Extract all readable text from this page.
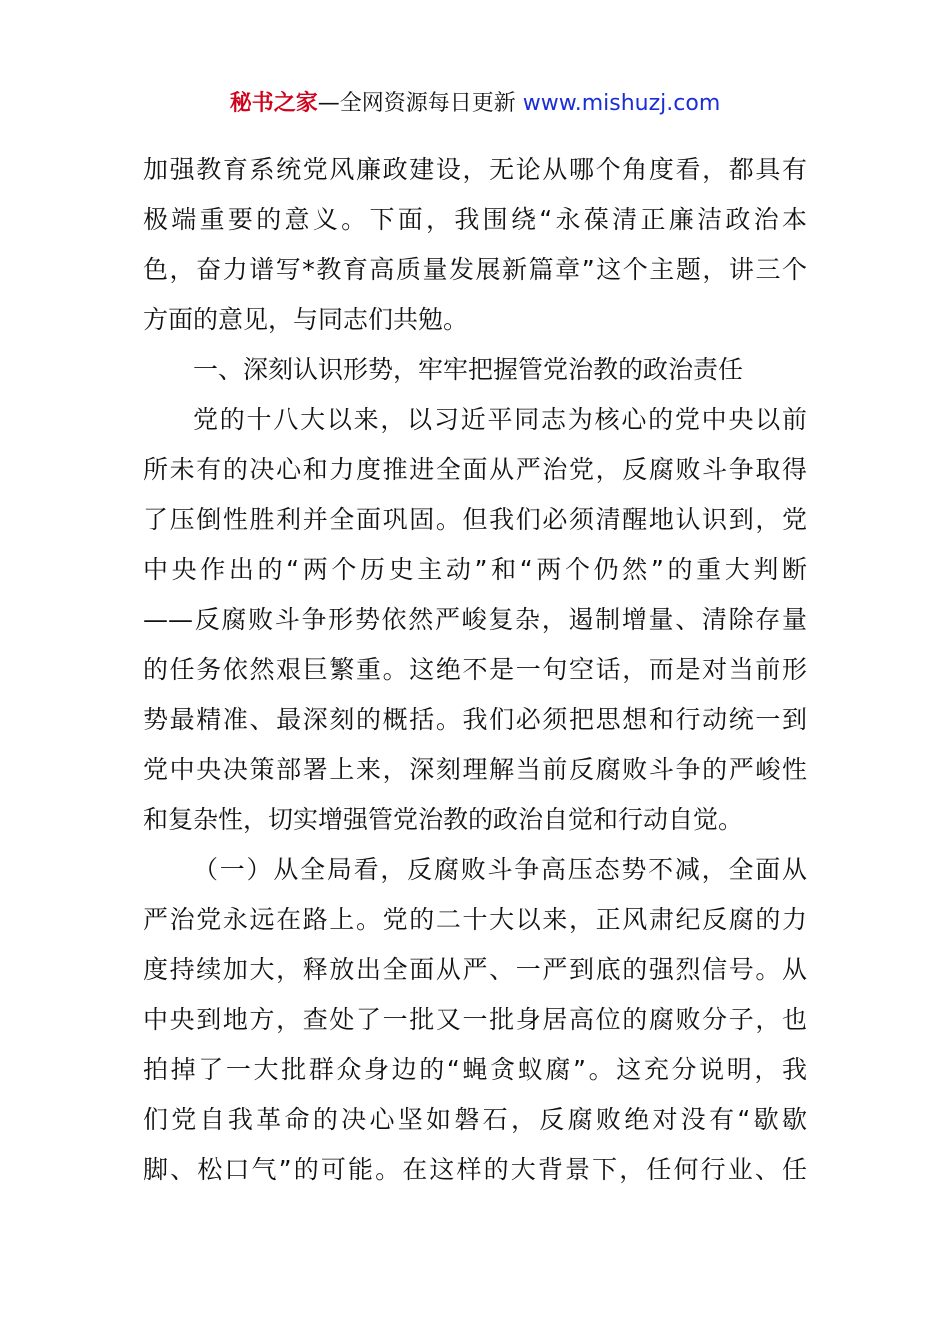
秘书之家—全网资源每日更新 www.mishuzj.com
加强教育系统党风廉政建设，无论从哪个角度看，都具有
极端重要的意义。下面，我围绕“永葆清正廉洁政治本
色，奋力谱写*教育高质量发展新篇章”这个主题，讲三个
方面的意见，与同志们共勉。
一、深刻认识形势，牢牢把握管党治教的政治责任
党的十八大以来，以习近平同志为核心的党中央以前
所未有的决心和力度推进全面从严治党，反腐败斗争取得
了压倒性胜利并全面巩固。但我们必须清醒地认识到，党
中央作出的“两个历史主动”和“两个仍然”的重大判断
——反腐败斗争形势依然严峻复杂，遏制增量、清除存量
的任务依然艰巨繁重。这绝不是一句空话，而是对当前形
势最精准、最深刻的概括。我们必须把思想和行动统一到
党中央决策部署上来，深刻理解当前反腐败斗争的严峻性
和复杂性，切实增强管党治教的政治自觉和行动自觉。
（一）从全局看，反腐败斗争高压态势不减，全面从
严治党永远在路上。党的二十大以来，正风肃纪反腐的力
度持续加大，释放出全面从严、一严到底的强烈信号。从
中央到地方，查处了一批又一批身居高位的腐败分子，也
拍掉了一大批群众身边的“蝇贪蚁腐”。这充分说明，我
们党自我革命的决心坚如磐石，反腐败绝对没有“歇歇
脚、松口气”的可能。在这样的大背景下，任何行业、任
